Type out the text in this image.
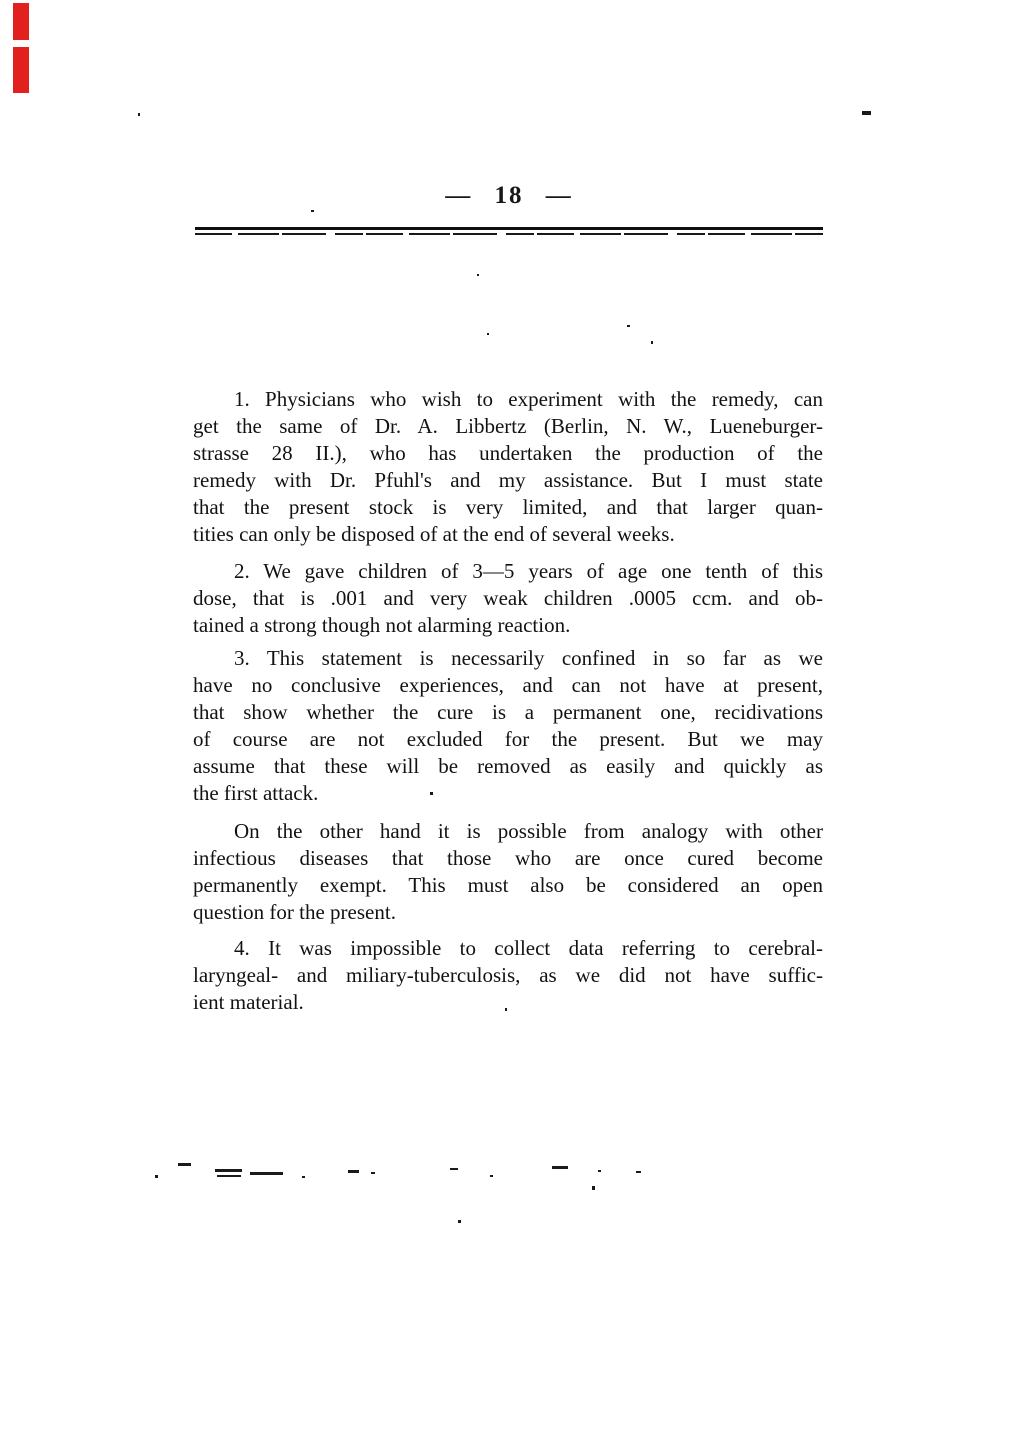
— 18 —
1. Physicians who wish to experiment with the remedy, can
get the same of Dr. A. Libbertz (Berlin, N. W., Lueneburger-
strasse 28 II.), who has undertaken the production of the
remedy with Dr. Pfuhl's and my assistance. But I must state
that the present stock is very limited, and that larger quan-
tities can only be disposed of at the end of several weeks.
2. We gave children of 3—5 years of age one tenth of this
dose, that is .001 and very weak children .0005 ccm. and ob-
tained a strong though not alarming reaction.
3. This statement is necessarily confined in so far as we
have no conclusive experiences, and can not have at present,
that show whether the cure is a permanent one, recidivations
of course are not excluded for the present. But we may
assume that these will be removed as easily and quickly as
the first attack.
On the other hand it is possible from analogy with other
infectious diseases that those who are once cured become
permanently exempt. This must also be considered an open
question for the present.
4. It was impossible to collect data referring to cerebral-
laryngeal- and miliary-tuberculosis, as we did not have suffic-
ient material.
